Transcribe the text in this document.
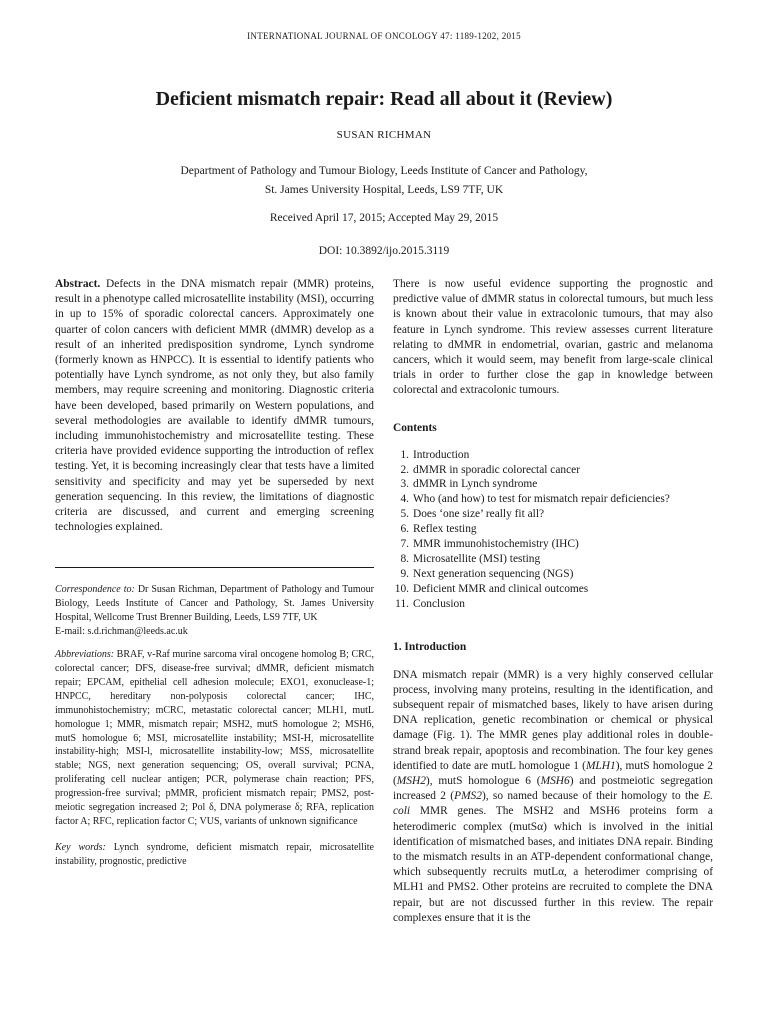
INTERNATIONAL JOURNAL OF ONCOLOGY 47: 1189-1202, 2015
Deficient mismatch repair: Read all about it (Review)
SUSAN RICHMAN
Department of Pathology and Tumour Biology, Leeds Institute of Cancer and Pathology,
St. James University Hospital, Leeds, LS9 7TF, UK
Received April 17, 2015; Accepted May 29, 2015
DOI: 10.3892/ijo.2015.3119

Abstract. Defects in the DNA mismatch repair (MMR) proteins, result in a phenotype called microsatellite instability (MSI), occurring in up to 15% of sporadic colorectal cancers. Approximately one quarter of colon cancers with deficient MMR (dMMR) develop as a result of an inherited predisposition syndrome, Lynch syndrome (formerly known as HNPCC). It is essential to identify patients who potentially have Lynch syndrome, as not only they, but also family members, may require screening and monitoring. Diagnostic criteria have been developed, based primarily on Western populations, and several methodologies are available to identify dMMR tumours, including immunohistochemistry and microsatellite testing. These criteria have provided evidence supporting the introduction of reflex testing. Yet, it is becoming increasingly clear that tests have a limited sensitivity and specificity and may yet be superseded by next generation sequencing. In this review, the limitations of diagnostic criteria are discussed, and current and emerging screening technologies explained.

Correspondence to: Dr Susan Richman, Department of Pathology and Tumour Biology, Leeds Institute of Cancer and Pathology, St. James University Hospital, Wellcome Trust Brenner Building, Leeds, LS9 7TF, UK

E-mail: s.d.richman@leeds.ac.uk

Abbreviations: BRAF, v-Raf murine sarcoma viral oncogene homolog B; CRC, colorectal cancer; DFS, disease-free survival; dMMR, deficient mismatch repair; EPCAM, epithelial cell adhesion molecule; EXO1, exonuclease-1; HNPCC, hereditary non-polyposis colorectal cancer; IHC, immunohistochemistry; mCRC, metastatic colorectal cancer; MLH1, mutL homologue 1; MMR, mismatch repair; MSH2, mutS homologue 2; MSH6, mutS homologue 6; MSI, microsatellite instability; MSI-H, microsatellite instability-high; MSI-l, microsatellite instability-low; MSS, microsatellite stable; NGS, next generation sequencing; OS, overall survival; PCNA, proliferating cell nuclear antigen; PCR, polymerase chain reaction; PFS, progression-free survival; pMMR, proficient mismatch repair; PMS2, post-meiotic segregation increased 2; Pol δ, DNA polymerase δ; RFA, replication factor A; RFC, replication factor C; VUS, variants of unknown significance

Key words: Lynch syndrome, deficient mismatch repair, microsatellite instability, prognostic, predictive

There is now useful evidence supporting the prognostic and predictive value of dMMR status in colorectal tumours, but much less is known about their value in extracolonic tumours, that may also feature in Lynch syndrome. This review assesses current literature relating to dMMR in endometrial, ovarian, gastric and melanoma cancers, which it would seem, may benefit from large-scale clinical trials in order to further close the gap in knowledge between colorectal and extracolonic tumours.

Contents
1. Introduction
2. dMMR in sporadic colorectal cancer
3. dMMR in Lynch syndrome
4. Who (and how) to test for mismatch repair deficiencies?
5. Does ‘one size’ really fit all?
6. Reflex testing
7. MMR immunohistochemistry (IHC)
8. Microsatellite (MSI) testing
9. Next generation sequencing (NGS)
10. Deficient MMR and clinical outcomes
11. Conclusion
1. Introduction

DNA mismatch repair (MMR) is a very highly conserved cellular process, involving many proteins, resulting in the identification, and subsequent repair of mismatched bases, likely to have arisen during DNA replication, genetic recombination or chemical or physical damage (Fig. 1). The MMR genes play additional roles in double-strand break repair, apoptosis and recombination. The four key genes identified to date are mutL homologue 1 (MLH1), mutS homologue 2 (MSH2), mutS homologue 6 (MSH6) and postmeiotic segregation increased 2 (PMS2), so named because of their homology to the E. coli MMR genes. The MSH2 and MSH6 proteins form a heterodimeric complex (mutSα) which is involved in the initial identification of mismatched bases, and initiates DNA repair. Binding to the mismatch results in an ATP-dependent conformational change, which subsequently recruits mutLα, a heterodimer comprising of MLH1 and PMS2. Other proteins are recruited to complete the DNA repair, but are not discussed further in this review. The repair complexes ensure that it is the
